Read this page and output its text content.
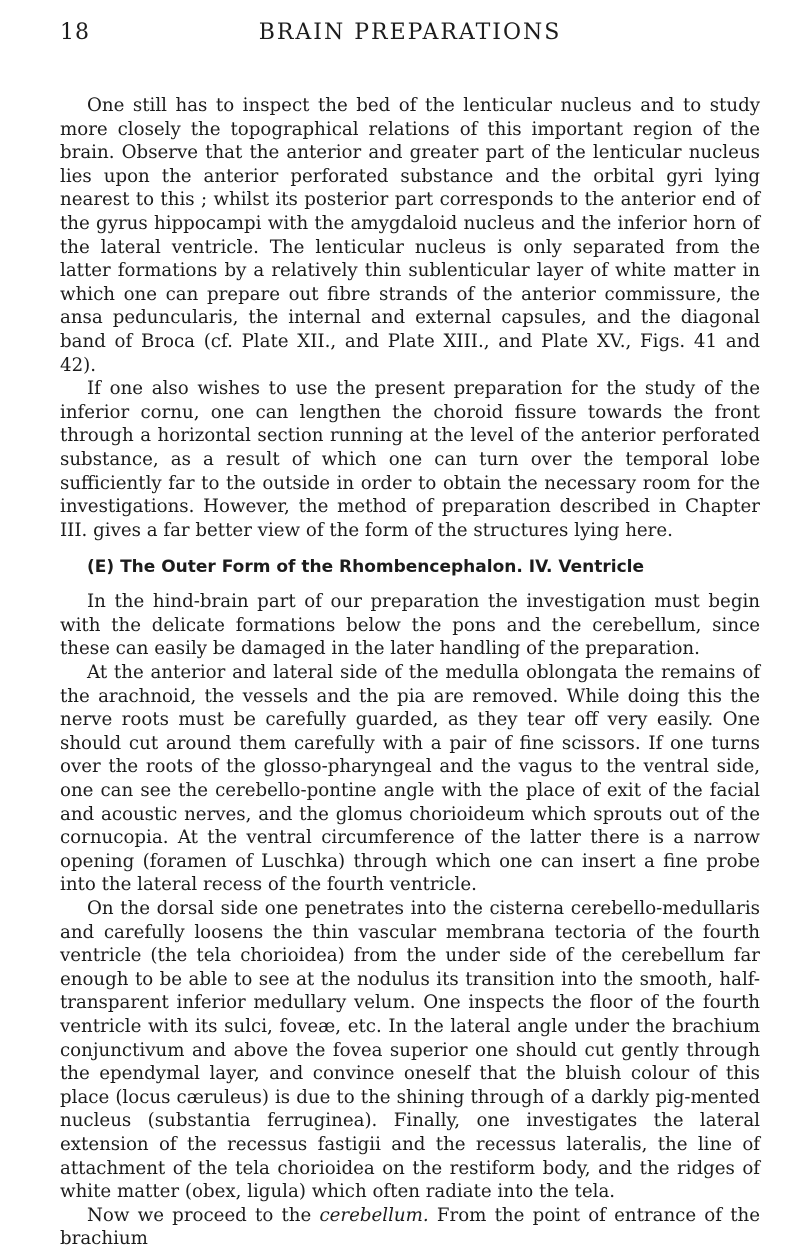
18	BRAIN PREPARATIONS

One still has to inspect the bed of the lenticular nucleus and to study more closely the topographical relations of this important region of the brain. Observe that the anterior and greater part of the lenticular nucleus lies upon the anterior perforated substance and the orbital gyri lying nearest to this ; whilst its posterior part corresponds to the anterior end of the gyrus hippocampi with the amygdaloid nucleus and the inferior horn of the lateral ventricle. The lenticular nucleus is only separated from the latter formations by a relatively thin sublenticular layer of white matter in which one can prepare out fibre strands of the anterior commissure, the ansa peduncularis, the internal and external capsules, and the diagonal band of Broca (cf. Plate XII., and Plate XIII., and Plate XV., Figs. 41 and 42).

If one also wishes to use the present preparation for the study of the inferior cornu, one can lengthen the choroid fissure towards the front through a horizontal section running at the level of the anterior perforated substance, as a result of which one can turn over the temporal lobe sufficiently far to the outside in order to obtain the necessary room for the investigations. However, the method of preparation described in Chapter III. gives a far better view of the form of the structures lying here.

(E) The Outer Form of the Rhombencephalon. IV. Ventricle

In the hind-brain part of our preparation the investigation must begin with the delicate formations below the pons and the cerebellum, since these can easily be damaged in the later handling of the preparation.

At the anterior and lateral side of the medulla oblongata the remains of the arachnoid, the vessels and the pia are removed. While doing this the nerve roots must be carefully guarded, as they tear off very easily. One should cut around them carefully with a pair of fine scissors. If one turns over the roots of the glosso-pharyngeal and the vagus to the ventral side, one can see the cerebello-pontine angle with the place of exit of the facial and acoustic nerves, and the glomus chorioideum which sprouts out of the cornucopia. At the ventral circumference of the latter there is a narrow opening (foramen of Luschka) through which one can insert a fine probe into the lateral recess of the fourth ventricle.

On the dorsal side one penetrates into the cisterna cerebello-medullaris and carefully loosens the thin vascular membrana tectoria of the fourth ventricle (the tela chorioidea) from the under side of the cerebellum far enough to be able to see at the nodulus its transition into the smooth, half-transparent inferior medullary velum. One inspects the floor of the fourth ventricle with its sulci, foveæ, etc. In the lateral angle under the brachium conjunctivum and above the fovea superior one should cut gently through the ependymal layer, and convince oneself that the bluish colour of this place (locus cæruleus) is due to the shining through of a darkly pig-mented nucleus (substantia ferruginea). Finally, one investigates the lateral extension of the recessus fastigii and the recessus lateralis, the line of attachment of the tela chorioidea on the restiform body, and the ridges of white matter (obex, ligula) which often radiate into the tela.

Now we proceed to the cerebellum. From the point of entrance of the brachium
